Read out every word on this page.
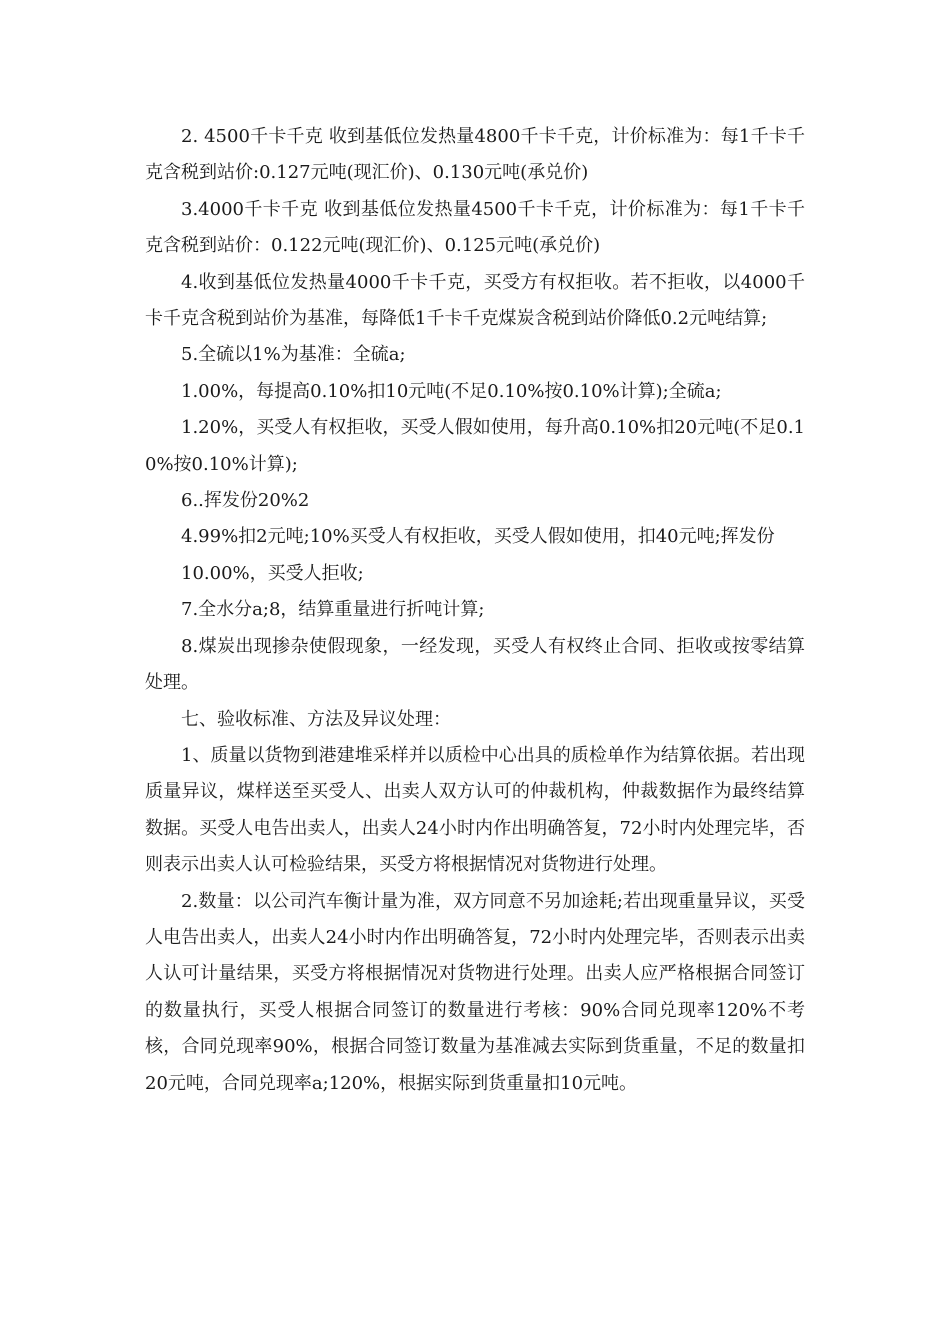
2. 4500千卡千克 收到基低位发热量4800千卡千克，计价标准为：每1千卡千克含税到站价:0.127元吨(现汇价)、0.130元吨(承兑价)

3.4000千卡千克 收到基低位发热量4500千卡千克，计价标准为：每1千卡千克含税到站价：0.122元吨(现汇价)、0.125元吨(承兑价)

4.收到基低位发热量4000千卡千克，买受方有权拒收。若不拒收，以4000千卡千克含税到站价为基准，每降低1千卡千克煤炭含税到站价降低0.2元吨结算;

5.全硫以1%为基准：全硫a;

1.00%，每提高0.10%扣10元吨(不足0.10%按0.10%计算);全硫a;

1.20%，买受人有权拒收，买受人假如使用，每升高0.10%扣20元吨(不足0.10%按0.10%计算);

6..挥发份20%2

4.99%扣2元吨;10%买受人有权拒收，买受人假如使用，扣40元吨;挥发份

10.00%，买受人拒收;

7.全水分a;8，结算重量进行折吨计算;

8.煤炭出现掺杂使假现象，一经发现，买受人有权终止合同、拒收或按零结算处理。

七、验收标准、方法及异议处理：

1、质量以货物到港建堆采样并以质检中心出具的质检单作为结算依据。若出现质量异议，煤样送至买受人、出卖人双方认可的仲裁机构，仲裁数据作为最终结算数据。买受人电告出卖人，出卖人24小时内作出明确答复，72小时内处理完毕，否则表示出卖人认可检验结果，买受方将根据情况对货物进行处理。

2.数量：以公司汽车衡计量为准，双方同意不另加途耗;若出现重量异议，买受人电告出卖人，出卖人24小时内作出明确答复，72小时内处理完毕，否则表示出卖人认可计量结果，买受方将根据情况对货物进行处理。出卖人应严格根据合同签订的数量执行，买受人根据合同签订的数量进行考核：90%合同兑现率120%不考核，合同兑现率90%，根据合同签订数量为基准减去实际到货重量，不足的数量扣20元吨，合同兑现率a;120%，根据实际到货重量扣10元吨。
